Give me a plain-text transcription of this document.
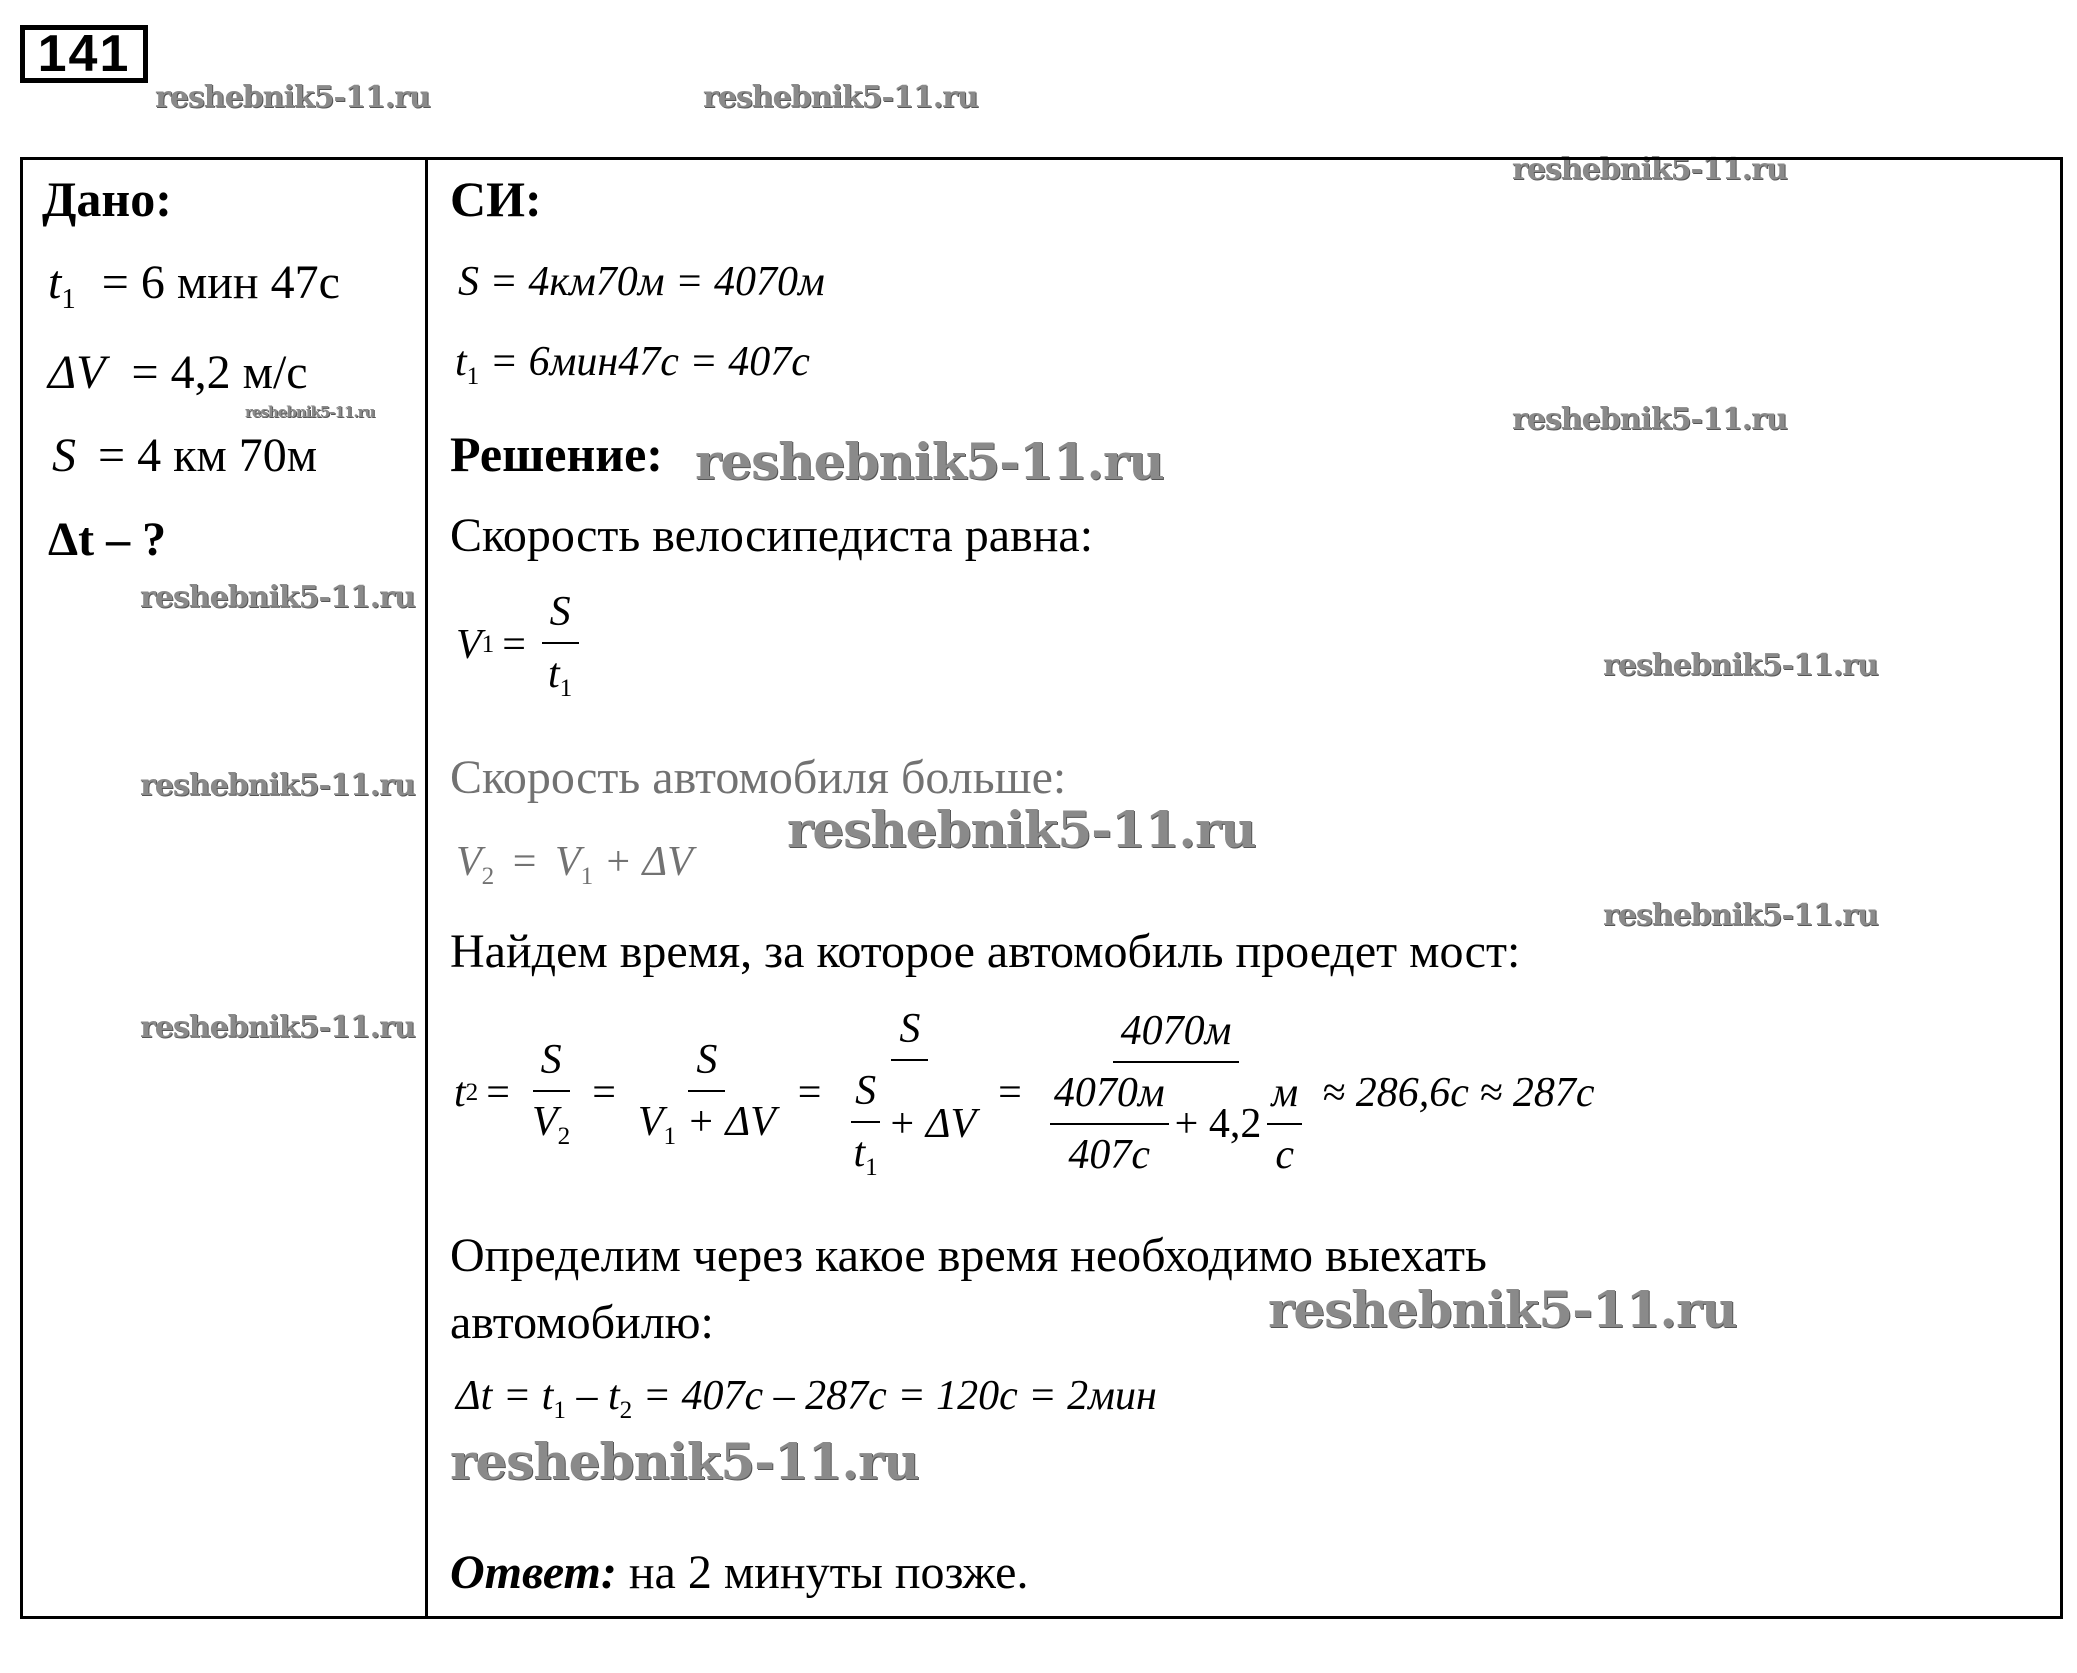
141
reshebnik5-11.ru	reshebnik5-11.ru
reshebnik5-11.ru
reshebnik5-11.ru	reshebnik5-11.ru
reshebnik5-11.ru
reshebnik5-11.ru
reshebnik5-11.ru
reshebnik5-11.ru
reshebnik5-11.ru
reshebnik5-11.ru
reshebnik5-11.ru
reshebnik5-11.ru
reshebnik5-11.ru
Дано:
$t_1 = 6$ мин 47с
ΔV = 4,2 м/с
S = 4 км 70м
Δt – ?
СИ:
S = 4км70м = 4070м
$t_1 = 6мин47с = 407с$
Решение:
Скорость велосипедиста равна:
V $1 = \frac{S}{t_1}$
Скорость автомобиля больше:
$V_2 = V_1 + \Delta V$
Найдем время, за которое автомобиль проедет мост:
t $2 = \frac{S}{V_2} = \frac{S}{V_1 + \Delta V} = \frac{S}{\frac{S}{t_1} + \Delta V}$ =
4070м
$\frac{4070м}{407с} + 4,2 \frac{м}{с} \approx 286,6с \approx 287с$
Определим через какое время необходимо выехать
автомобилю:
$\Delta t = t_1 - t_2 = 407с - 287с = 120с = 2мин$
Ответ: на 2 минуты позже.
